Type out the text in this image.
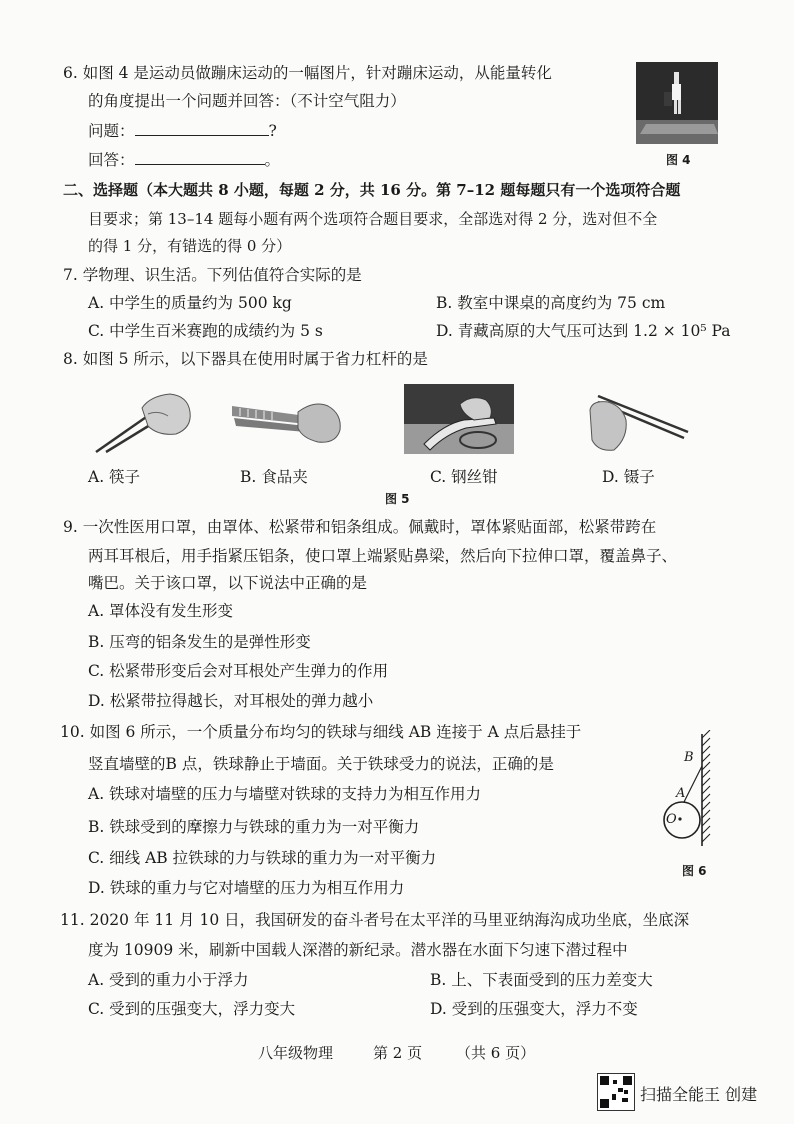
6. 如图 4 是运动员做蹦床运动的一幅图片，针对蹦床运动，从能量转化
的角度提出一个问题并回答：（不计空气阻力）
问题：	?
回答：	。	图 4
二、选择题（本大题共 8 小题，每题 2 分，共 16 分。第 7–12 题每题只有一个选项符合题
目要求；第 13–14 题每小题有两个选项符合题目要求，全部选对得 2 分，选对但不全
的得 1 分，有错选的得 0 分）
7. 学物理、识生活。下列估值符合实际的是
A. 中学生的质量约为 500 kg	B. 教室中课桌的高度约为 75 cm
C. 中学生百米赛跑的成绩约为 5 s	D. 青藏高原的大气压可达到 1.2 × 10⁵ Pa
8. 如图 5 所示，以下器具在使用时属于省力杠杆的是
A. 筷子	B. 食品夹	C. 钢丝钳	D. 镊子
图 5
9. 一次性医用口罩，由罩体、松紧带和铝条组成。佩戴时，罩体紧贴面部，松紧带跨在
两耳耳根后，用手指紧压铝条，使口罩上端紧贴鼻梁，然后向下拉伸口罩，覆盖鼻子、
嘴巴。关于该口罩，以下说法中正确的是
A. 罩体没有发生形变
B. 压弯的铝条发生的是弹性形变
C. 松紧带形变后会对耳根处产生弹力的作用
D. 松紧带拉得越长，对耳根处的弹力越小
10. 如图 6 所示，一个质量分布均匀的铁球与细线 AB 连接于 A 点后悬挂于
竖直墙壁的B 点，铁球静止于墙面。关于铁球受力的说法，正确的是
A. 铁球对墙壁的压力与墙壁对铁球的支持力为相互作用力
B. 铁球受到的摩擦力与铁球的重力为一对平衡力
C. 细线 AB 拉铁球的力与铁球的重力为一对平衡力
D. 铁球的重力与它对墙壁的压力为相互作用力
B
A
O
图 6
11. 2020 年 11 月 10 日，我国研发的奋斗者号在太平洋的马里亚纳海沟成功坐底，坐底深
度为 10909 米，刷新中国载人深潜的新纪录。潜水器在水面下匀速下潜过程中
A. 受到的重力小于浮力	B. 上、下表面受到的压力差变大
C. 受到的压强变大，浮力变大	D. 受到的压强变大，浮力不变
八年级物理	第 2 页 （共 6 页）
扫描全能王 创建
